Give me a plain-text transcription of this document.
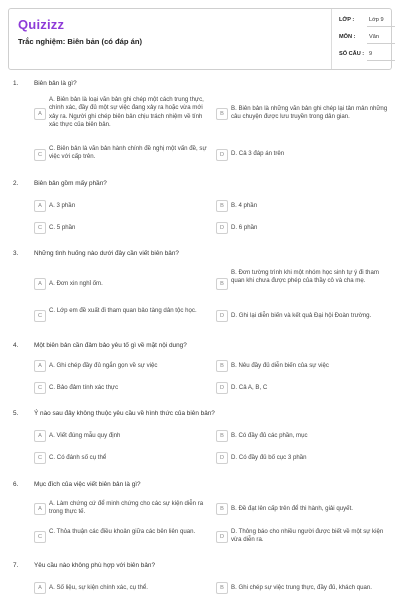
Quizizz
Trắc nghiệm: Biên bản (có đáp án)
LỚP :	Lớp 9
MÔN : Văn
SỐ CÂU : 9
1. Biên bản là gì?
A
A. Biên bản là loại văn bản ghi chép một cách trung thực, chính xác, đầy đủ một sự việc đang xảy ra hoặc vừa mới xảy ra. Người ghi chép biên bản chịu trách nhiệm về tính xác thực của biên bản.
B
B. Biên bản là những văn bản ghi chép lại tản mản những câu chuyện được lưu truyền trong dân gian.
C
C. Biên bản là văn bản hành chính đề nghị một vấn đề, sự việc với cấp trên.	D	D. Cả 3 đáp án trên
2. Biên bản gồm mấy phần?
A	A. 3 phần	B	B. 4 phần
C	C. 5 phần	D	D. 6 phần
3. Những tình huống nào dưới đây cần viết biên bản?
A	A. Đơn xin nghỉ ốm.	B
B. Đơn tường trình khi một nhóm học sinh tự ý đi tham quan khi chưa được phép của thầy cô và cha mẹ.
C
C. Lớp em đề xuất đi tham quan bảo tàng dân tộc học.
D	D. Ghi lại diễn biến và kết quả Đại hội Đoàn trường.
4. Một biên bản cần đảm bảo yêu tố gì về mặt nội dung?
A	A. Ghi chép đầy đủ ngắn gọn về sự việc	B	B. Nêu đầy đủ diễn biến của sự việc
C	C. Bảo đảm tính xác thực	D	D. Cả A, B, C
5. Ý nào sau đây không thuộc yêu cầu về hình thức của biên bản?
A	A. Viết đúng mẫu quy định	B	B. Có đầy đủ các phần, mục
C	C. Có đánh số cụ thể	D	D. Có đầy đủ bố cục 3 phần
6. Mục đích của việc viết biên bản là gì?
A
A. Làm chứng cứ để minh chứng cho các sự kiện diễn ra trong thực tế.	B	B. Đề đạt lên cấp trên để thi hành, giải quyết.
C
C. Thỏa thuận các điều khoản giữa các bên liên quan.
D
D. Thông báo cho nhiều người được biết về một sự kiện vừa diễn ra.
7. Yêu cầu nào không phù hợp với biên bản?
A	A. Số liệu, sự kiện chính xác, cụ thể.	B	B. Ghi chép sự việc trung thực, đầy đủ, khách quan.
